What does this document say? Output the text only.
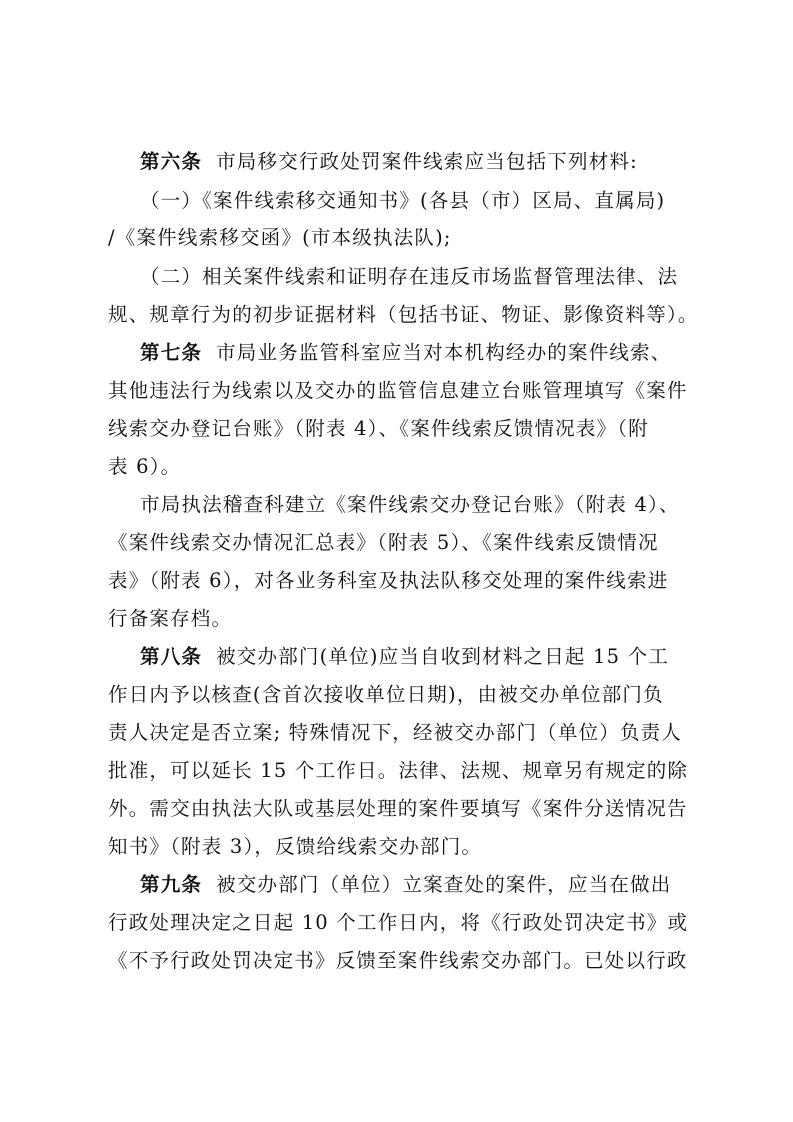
第六条 市局移交行政处罚案件线索应当包括下列材料:
（一）《案件线索移交通知书》(各县（市）区局、直属局)
/《案件线索移交函》(市本级执法队);
（二）相关案件线索和证明存在违反市场监督管理法律、法
规、规章行为的初步证据材料（包括书证、物证、影像资料等）。
第七条 市局业务监管科室应当对本机构经办的案件线索、
其他违法行为线索以及交办的监管信息建立台账管理填写《案件
线索交办登记台账》（附表 4）、《案件线索反馈情况表》（附
表 6）。
市局执法稽查科建立《案件线索交办登记台账》（附表 4）、
《案件线索交办情况汇总表》（附表 5）、《案件线索反馈情况
表》（附表 6），对各业务科室及执法队移交处理的案件线索进
行备案存档。
第八条 被交办部门(单位)应当自收到材料之日起 15 个工
作日内予以核查(含首次接收单位日期)，由被交办单位部门负
责人决定是否立案; 特殊情况下，经被交办部门（单位）负责人
批准，可以延长 15 个工作日。法律、法规、规章另有规定的除
外。需交由执法大队或基层处理的案件要填写《案件分送情况告
知书》（附表 3），反馈给线索交办部门。
第九条 被交办部门（单位）立案查处的案件，应当在做出
行政处理决定之日起 10 个工作日内，将《行政处罚决定书》或
《不予行政处罚决定书》反馈至案件线索交办部门。已处以行政
